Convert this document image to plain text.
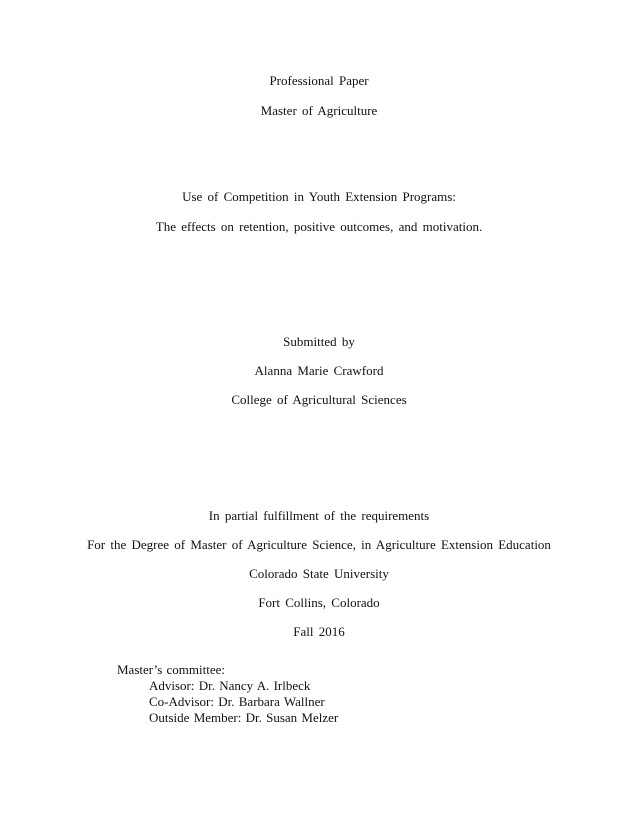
Professional Paper
Master of Agriculture
Use of Competition in Youth Extension Programs:
The effects on retention, positive outcomes, and motivation.
Submitted by
Alanna Marie Crawford
College of Agricultural Sciences
In partial fulfillment of the requirements
For the Degree of Master of Agriculture Science, in Agriculture Extension Education
Colorado State University
Fort Collins, Colorado
Fall 2016
Master’s committee:
Advisor: Dr. Nancy A. Irlbeck
Co-Advisor: Dr. Barbara Wallner
Outside Member: Dr. Susan Melzer
